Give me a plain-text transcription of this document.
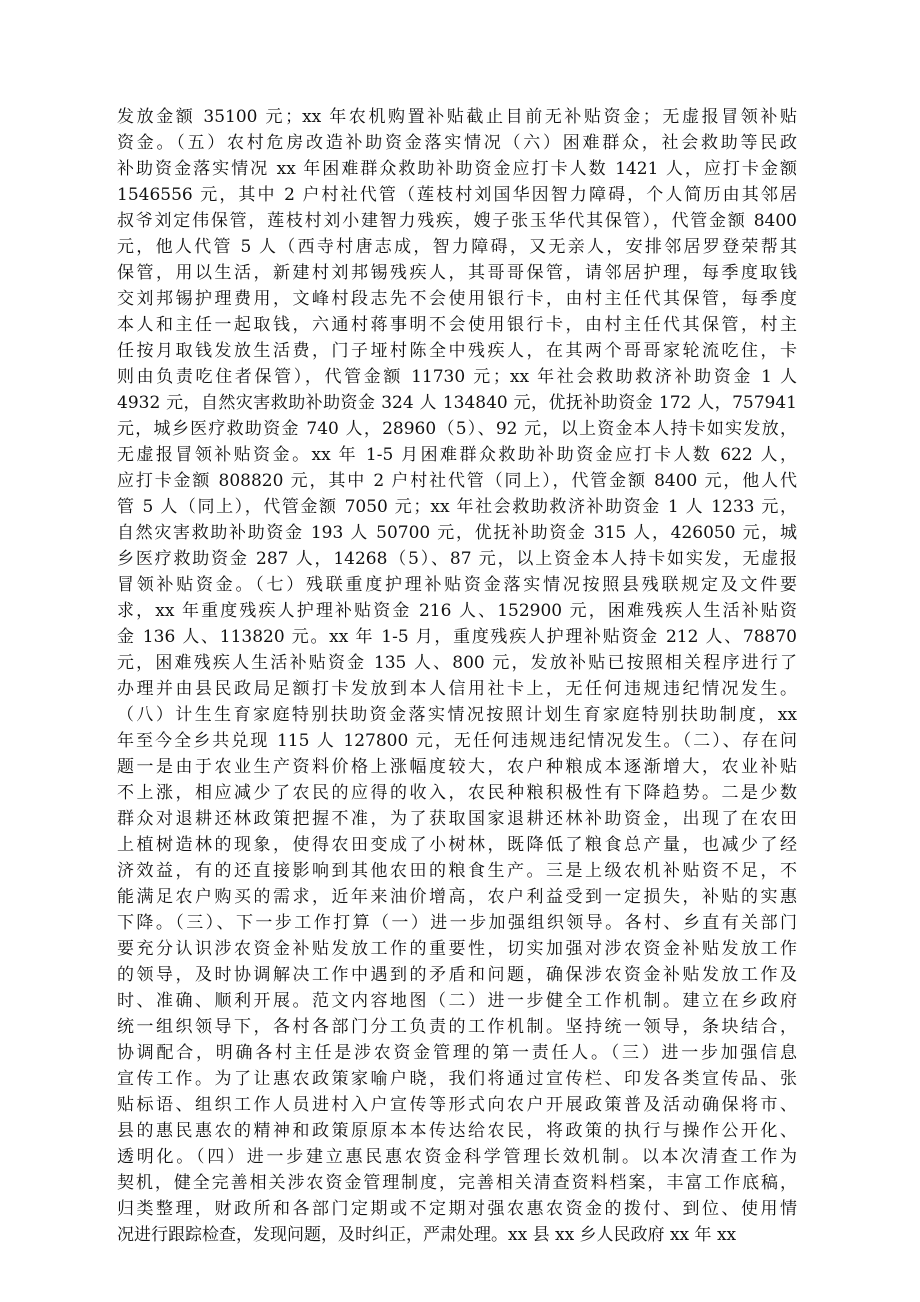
发放金额 35100 元；xx 年农机购置补贴截止目前无补贴资金；无虚报冒领补贴
资金。（五）农村危房改造补助资金落实情况（六）困难群众，社会救助等民政
补助资金落实情况 xx 年困难群众救助补助资金应打卡人数 1421 人，应打卡金额
1546556 元，其中 2 户村社代管（莲枝村刘国华因智力障碍，个人简历由其邻居
叔爷刘定伟保管，莲枝村刘小建智力残疾，嫂子张玉华代其保管），代管金额 8400
元，他人代管 5 人（西寺村唐志成，智力障碍，又无亲人，安排邻居罗登荣帮其
保管，用以生活，新建村刘邦锡残疾人，其哥哥保管，请邻居护理，每季度取钱
交刘邦锡护理费用，文峰村段志先不会使用银行卡，由村主任代其保管，每季度
本人和主任一起取钱，六通村蒋事明不会使用银行卡，由村主任代其保管，村主
任按月取钱发放生活费，门子垭村陈全中残疾人，在其两个哥哥家轮流吃住，卡
则由负责吃住者保管），代管金额 11730 元；xx 年社会救助救济补助资金 1 人
4932 元，自然灾害救助补助资金 324 人 134840 元，优抚补助资金 172 人，757941
元，城乡医疗救助资金 740 人，28960（5）、92 元，以上资金本人持卡如实发放，
无虚报冒领补贴资金。xx 年 1-5 月困难群众救助补助资金应打卡人数 622 人，
应打卡金额 808820 元，其中 2 户村社代管（同上），代管金额 8400 元，他人代
管 5 人（同上），代管金额 7050 元；xx 年社会救助救济补助资金 1 人 1233 元，
自然灾害救助补助资金 193 人 50700 元，优抚补助资金 315 人，426050 元，城
乡医疗救助资金 287 人，14268（5）、87 元，以上资金本人持卡如实发，无虚报
冒领补贴资金。（七）残联重度护理补贴资金落实情况按照县残联规定及文件要
求，xx 年重度残疾人护理补贴资金 216 人、152900 元，困难残疾人生活补贴资
金 136 人、113820 元。xx 年 1-5 月，重度残疾人护理补贴资金 212 人、78870
元，困难残疾人生活补贴资金 135 人、800 元，发放补贴已按照相关程序进行了
办理并由县民政局足额打卡发放到本人信用社卡上，无任何违规违纪情况发生。
（八）计生生育家庭特别扶助资金落实情况按照计划生育家庭特别扶助制度，xx
年至今全乡共兑现 115 人 127800 元，无任何违规违纪情况发生。（二）、存在问
题一是由于农业生产资料价格上涨幅度较大，农户种粮成本逐渐增大，农业补贴
不上涨，相应减少了农民的应得的收入，农民种粮积极性有下降趋势。二是少数
群众对退耕还林政策把握不准，为了获取国家退耕还林补助资金，出现了在农田
上植树造林的现象，使得农田变成了小树林，既降低了粮食总产量，也减少了经
济效益，有的还直接影响到其他农田的粮食生产。三是上级农机补贴资不足，不
能满足农户购买的需求，近年来油价增高，农户利益受到一定损失，补贴的实惠
下降。（三）、下一步工作打算（一）进一步加强组织领导。各村、乡直有关部门
要充分认识涉农资金补贴发放工作的重要性，切实加强对涉农资金补贴发放工作
的领导，及时协调解决工作中遇到的矛盾和问题，确保涉农资金补贴发放工作及
时、准确、顺利开展。范文内容地图（二）进一步健全工作机制。建立在乡政府
统一组织领导下，各村各部门分工负责的工作机制。坚持统一领导，条块结合，
协调配合，明确各村主任是涉农资金管理的第一责任人。（三）进一步加强信息
宣传工作。为了让惠农政策家喻户晓，我们将通过宣传栏、印发各类宣传品、张
贴标语、组织工作人员进村入户宣传等形式向农户开展政策普及活动确保将市、
县的惠民惠农的精神和政策原原本本传达给农民，将政策的执行与操作公开化、
透明化。（四）进一步建立惠民惠农资金科学管理长效机制。以本次清查工作为
契机，健全完善相关涉农资金管理制度，完善相关清查资料档案，丰富工作底稿，
归类整理，财政所和各部门定期或不定期对强农惠农资金的拨付、到位、使用情
况进行跟踪检查，发现问题，及时纠正，严肃处理。xx 县 xx 乡人民政府 xx 年 xx
